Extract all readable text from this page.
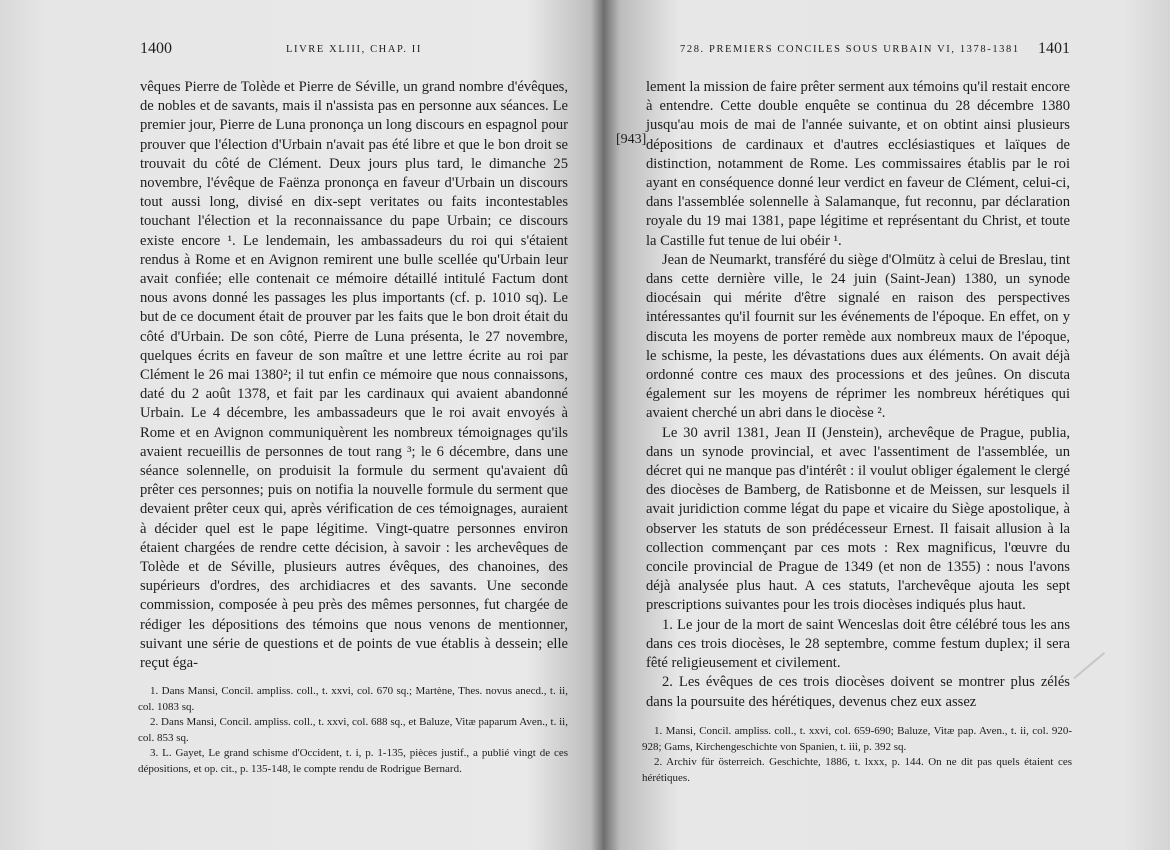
1400	LIVRE XLIII, CHAP. II

vêques Pierre de Tolède et Pierre de Séville, un grand nombre d'évêques, de nobles et de savants, mais il n'assista pas en personne aux séances. Le premier jour, Pierre de Luna prononça un long discours en espagnol pour prouver que l'élection d'Urbain n'avait pas été libre et que le bon droit se trouvait du côté de Clément. Deux jours plus tard, le dimanche 25 novembre, l'évêque de Faënza prononça en faveur d'Urbain un discours tout aussi long, divisé en dix-sept veritates ou faits incontestables touchant l'élection et la reconnaissance du pape Urbain; ce discours existe encore ¹. Le lendemain, les ambassadeurs du roi qui s'étaient rendus à Rome et en Avignon remirent une bulle scellée qu'Urbain leur avait confiée; elle contenait ce mémoire détaillé intitulé Factum dont nous avons donné les passages les plus importants (cf. p. 1010 sq). Le but de ce document était de prouver par les faits que le bon droit était du côté d'Urbain. De son côté, Pierre de Luna présenta, le 27 novembre, quelques écrits en faveur de son maître et une lettre écrite au roi par Clément le 26 mai 1380²; il tut enfin ce mémoire que nous connaissons, daté du 2 août 1378, et fait par les cardinaux qui avaient abandonné Urbain. Le 4 décembre, les ambassadeurs que le roi avait envoyés à Rome et en Avignon communiquèrent les nombreux témoignages qu'ils avaient recueillis de personnes de tout rang ³; le 6 décembre, dans une séance solennelle, on produisit la formule du serment qu'avaient dû prêter ces personnes; puis on notifia la nouvelle formule du serment que devaient prêter ceux qui, après vérification de ces témoignages, auraient à décider quel est le pape légitime. Vingt-quatre personnes environ étaient chargées de rendre cette décision, à savoir : les archevêques de Tolède et de Séville, plusieurs autres évêques, des chanoines, des supérieurs d'ordres, des archidiacres et des savants. Une seconde commission, composée à peu près des mêmes personnes, fut chargée de rédiger les dépositions des témoins que nous venons de mentionner, suivant une série de questions et de points de vue établis à dessein; elle reçut éga-

1. Dans Mansi, Concil. ampliss. coll., t. xxvi, col. 670 sq.; Martène, Thes. novus anecd., t. ii, col. 1083 sq.

2. Dans Mansi, Concil. ampliss. coll., t. xxvi, col. 688 sq., et Baluze, Vitæ paparum Aven., t. ii, col. 853 sq.

3. L. Gayet, Le grand schisme d'Occident, t. i, p. 1-135, pièces justif., a publié vingt de ces dépositions, et op. cit., p. 135-148, le compte rendu de Rodrigue Bernard.

728. PREMIERS CONCILES SOUS URBAIN VI, 1378-1381 1401
[943]

lement la mission de faire prêter serment aux témoins qu'il restait encore à entendre. Cette double enquête se continua du 28 décembre 1380 jusqu'au mois de mai de l'année suivante, et on obtint ainsi plusieurs dépositions de cardinaux et d'autres ecclésiastiques et laïques de distinction, notamment de Rome. Les commissaires établis par le roi ayant en conséquence donné leur verdict en faveur de Clément, celui-ci, dans l'assemblée solennelle à Salamanque, fut reconnu, par déclaration royale du 19 mai 1381, pape légitime et représentant du Christ, et toute la Castille fut tenue de lui obéir ¹.

Jean de Neumarkt, transféré du siège d'Olmütz à celui de Breslau, tint dans cette dernière ville, le 24 juin (Saint-Jean) 1380, un synode diocésain qui mérite d'être signalé en raison des perspectives intéressantes qu'il fournit sur les événements de l'époque. En effet, on y discuta les moyens de porter remède aux nombreux maux de l'époque, le schisme, la peste, les dévastations dues aux éléments. On avait déjà ordonné contre ces maux des processions et des jeûnes. On discuta également sur les moyens de réprimer les nombreux hérétiques qui avaient cherché un abri dans le diocèse ².

Le 30 avril 1381, Jean II (Jenstein), archevêque de Prague, publia, dans un synode provincial, et avec l'assentiment de l'assemblée, un décret qui ne manque pas d'intérêt : il voulut obliger également le clergé des diocèses de Bamberg, de Ratisbonne et de Meissen, sur lesquels il avait juridiction comme légat du pape et vicaire du Siège apostolique, à observer les statuts de son prédécesseur Ernest. Il faisait allusion à la collection commençant par ces mots : Rex magnificus, l'œuvre du concile provincial de Prague de 1349 (et non de 1355) : nous l'avons déjà analysée plus haut. A ces statuts, l'archevêque ajouta les sept prescriptions suivantes pour les trois diocèses indiqués plus haut.

1. Le jour de la mort de saint Wenceslas doit être célébré tous les ans dans ces trois diocèses, le 28 septembre, comme festum duplex; il sera fêté religieusement et civilement.

2. Les évêques de ces trois diocèses doivent se montrer plus zélés dans la poursuite des hérétiques, devenus chez eux assez

1. Mansi, Concil. ampliss. coll., t. xxvi, col. 659-690; Baluze, Vitæ pap. Aven., t. ii, col. 920-928; Gams, Kirchengeschichte von Spanien, t. iii, p. 392 sq.

2. Archiv für österreich. Geschichte, 1886, t. lxxx, p. 144. On ne dit pas quels étaient ces hérétiques.
